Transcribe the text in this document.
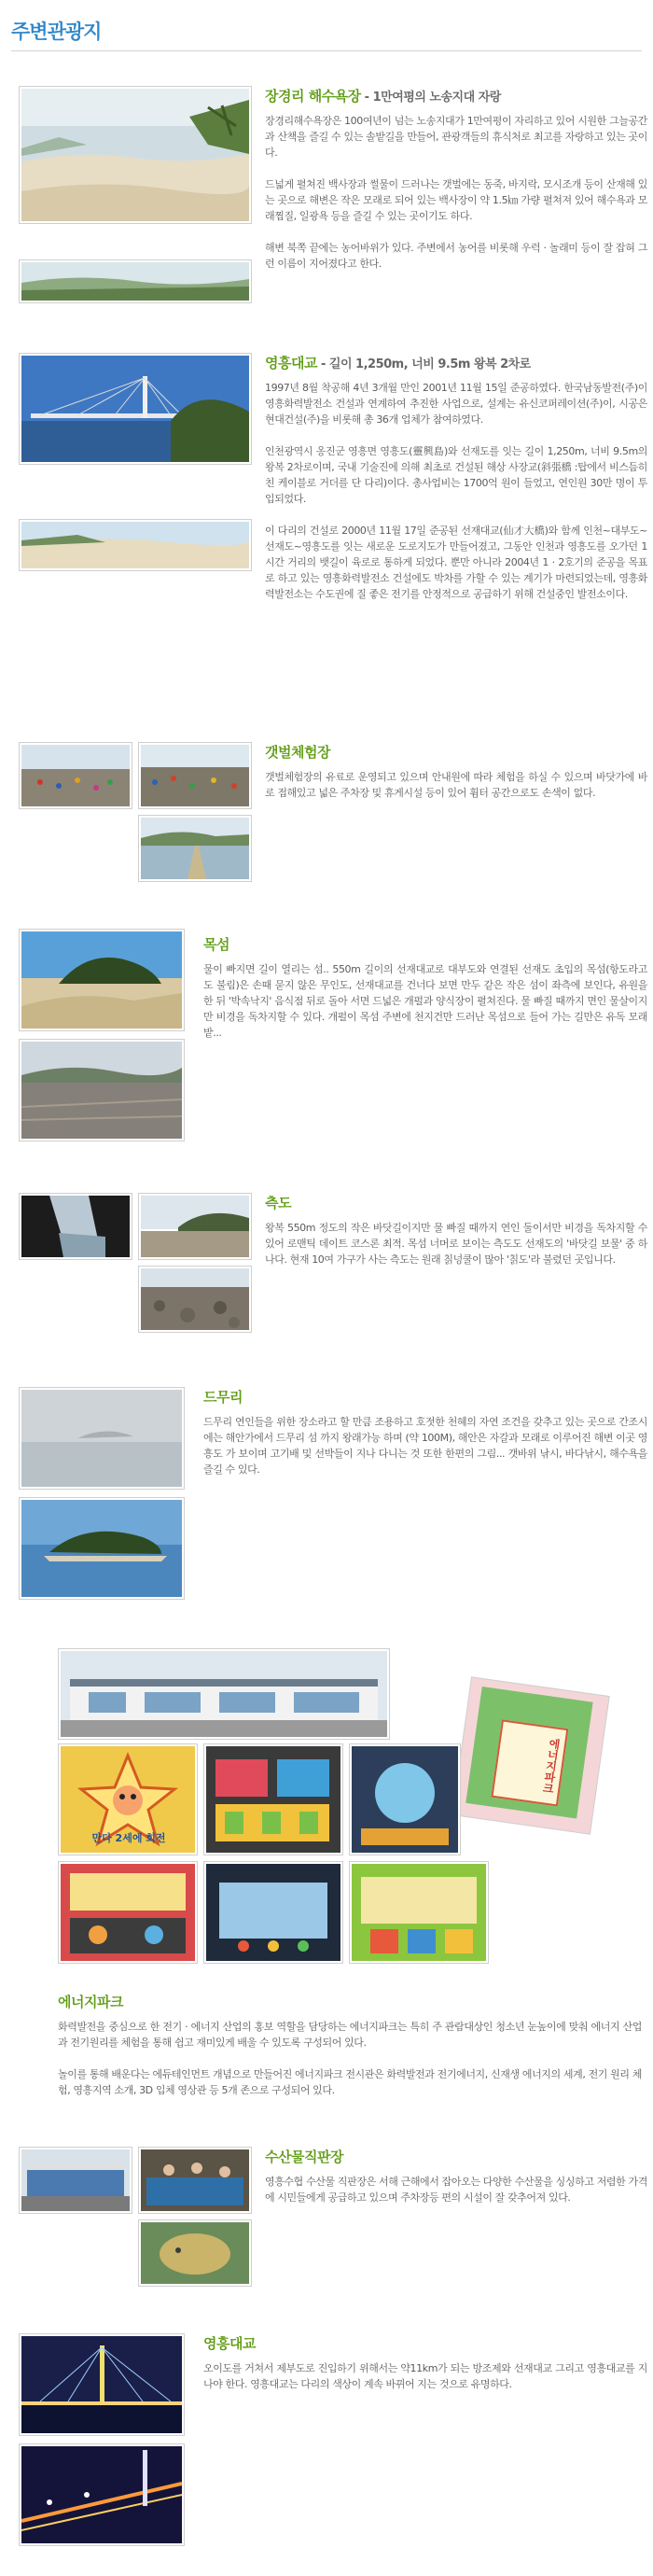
주변관광지
장경리 해수욕장 - 1만여평의 노송지대 자랑

장경리해수욕장은 100여년이 넘는 노송지대가 1만여평이 자리하고 있어 시원한 그늘공간과 산책을 즐길 수 있는 솔밭길을 만들어, 관광객들의 휴식처로 최고를 자랑하고 있는 곳이다.

드넓게 펼쳐진 백사장과 썰물이 드러나는 갯벌에는 동죽, 바지락, 모시조개 등이 산재해 있는 곳으로 해변은 작은 모래로 되어 있는 백사장이 약 1.5㎞ 가량 펼쳐져 있어 해수욕과 모래찜질, 일광욕 등을 즐길 수 있는 곳이기도 하다.

해변 북쪽 끝에는 농어바위가 있다. 주변에서 농어를 비롯해 우럭 · 놀래미 등이 잘 잡혀 그런 이름이 지어졌다고 한다.

영흥대교 - 길이 1,250m, 너비 9.5m 왕복 2차로

1997년 8월 착공해 4년 3개월 만인 2001년 11월 15일 준공하였다. 한국남동발전(주)이 영흥화력발전소 건설과 연계하여 추진한 사업으로, 설계는 유신코퍼레이션(주)이, 시공은 현대건설(주)을 비롯해 총 36개 업체가 참여하였다.

인천광역시 옹진군 영흥면 영흥도(靈興島)와 선재도를 잇는 길이 1,250m, 너비 9.5m의 왕복 2차로이며, 국내 기술진에 의해 최초로 건설된 해상 사장교(斜張橋 :탑에서 비스듬히 친 케이블로 거더를 단 다리)이다. 총사업비는 1700억 원이 들었고, 연인원 30만 명이 투입되었다.

이 다리의 건설로 2000년 11월 17일 준공된 선재대교(仙才大橋)와 함께 인천~대부도~선재도~영흥도를 잇는 새로운 도로지도가 만들어졌고, 그동안 인천과 영흥도를 오가던 1시간 거리의 뱃길이 육로로 통하게 되었다. 뿐만 아니라 2004년 1 · 2호기의 준공을 목표로 하고 있는 영흥화력발전소 건설에도 박차를 가할 수 있는 계기가 마련되었는데, 영흥화력발전소는 수도권에 질 좋은 전기를 안정적으로 공급하기 위해 건설중인 발전소이다.

갯벌체험장

갯벌체험장의 유료로 운영되고 있으며 안내원에 따라 체험을 하실 수 있으며 바닷가에 바로 접해있고 넓은 주차장 및 휴게시설 등이 있어 휨터 공간으로도 손색이 없다.

목섬

물이 빠지면 길이 열리는 섬.. 550m 길이의 선재대교로 대부도와 연결된 선재도 초입의 목섬(항도라고도 불림)은 손때 묻지 않은 무인도, 선재대교를 건너다 보면 만두 같은 작은 섬이 좌측에 보인다, 유원을 한 뒤 '박속낙지' 음식점 뒤로 돌아 서면 드넓은 개펄과 양식장이 펼쳐진다. 물 빠질 때까지 면인 물살이지만 비경을 독차지할 수 있다. 개펄이 목섬 주변에 천지건만 드러난 목섬으로 들어 가는 길만은 유독 모래밭...

측도

왕복 550m 정도의 작은 바닷길이지만 물 빠질 때까지 연인 둘이서만 비경을 독차지할 수 있어 로맨틱 데이트 코스론 최적. 목섬 너머로 보이는 측도도 선재도의 '바닷길 보물' 중 하나다. 현재 10여 가구가 사는 측도는 원래 칡넝쿨이 많아 '칡도'라 불렸던 곳입니다.

드무리

드무리 연인들을 위한 장소라고 할 만큼 조용하고 호젓한 천혜의 자연 조건을 갖추고 있는 곳으로 간조시에는 해안가에서 드무리 섬 까지 왕래가능 하며 (약 100M), 해안은 자갈과 모래로 이루어진 해변 이곳 영흥도 가 보이며 고기배 및 선박들이 지나 다니는 것 또한 한편의 그림... 갯바위 낚시, 바다낚시, 해수욕을 즐길 수 있다.

에너지파크
만다 2세에 회전
에너지파크

화력발전을 중심으로 한 전기 · 에너지 산업의 홍보 역할을 담당하는 에너지파크는 특히 주 관람대상인 청소년 눈높이에 맞춰 에너지 산업과 전기원리를 체험을 통해 쉽고 재미있게 배울 수 있도록 구성되어 있다.

놀이를 통해 배운다는 에듀테인먼트 개념으로 만들어진 에너지파크 전시관은 화력발전과 전기에너지, 신재생 에너지의 세계, 전기 원리 체험, 영흥지역 소개, 3D 입체 영상관 등 5개 존으로 구성되어 있다.

수산물직판장

영흥수협 수산물 직판장은 서해 근해에서 잡아오는 다양한 수산물을 싱싱하고 저렴한 가격에 시민들에게 공급하고 있으며 주차장등 편의 시설이 잘 갖추어져 있다.

영흥대교

오이도를 거쳐서 제부도로 진입하기 위해서는 약11km가 되는 방조제와 선재대교 그리고 영흥대교를 지나야 한다. 영흥대교는 다리의 색상이 계속 바뀌어 지는 것으로 유명하다.
